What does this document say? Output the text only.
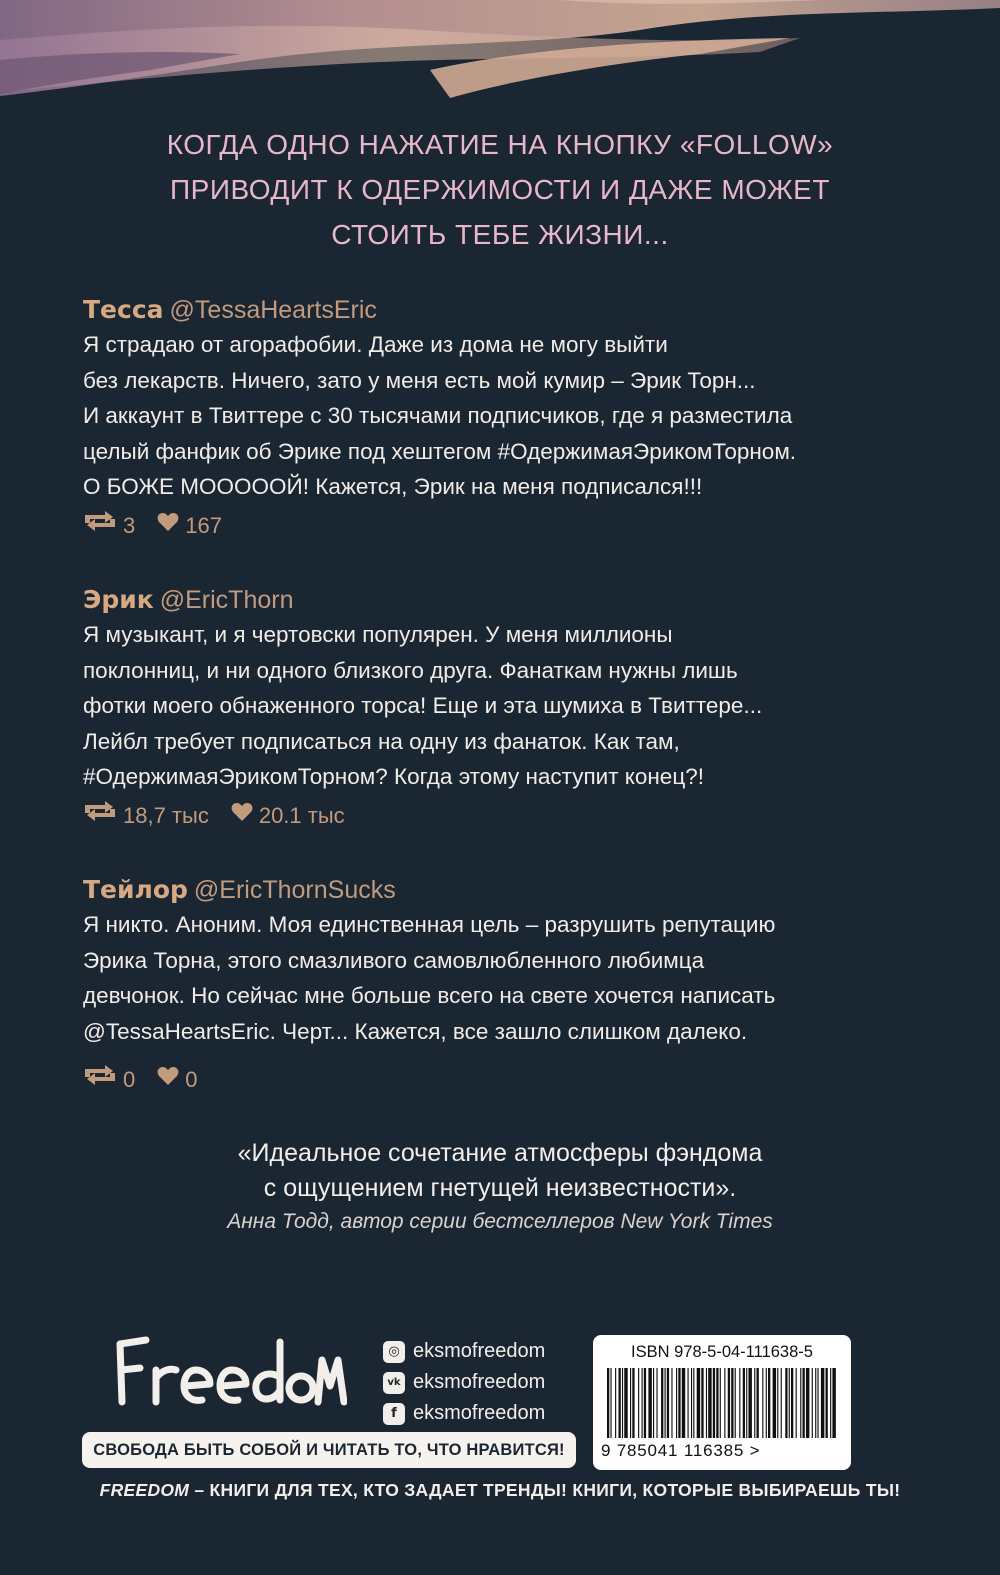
КОГДА ОДНО НАЖАТИЕ НА КНОПКУ «FOLLOW»
ПРИВОДИТ К ОДЕРЖИМОСТИ И ДАЖЕ МОЖЕТ
СТОИТЬ ТЕБЕ ЖИЗНИ...
Тесса @TessaHeartsEric
Я страдаю от агорафобии. Даже из дома не могу выйти
без лекарств. Ничего, зато у меня есть мой кумир – Эрик Торн...
И аккаунт в Твиттере с 30 тысячами подписчиков, где я разместила
целый фанфик об Эрике под хештегом #ОдержимаяЭрикомТорном.
О БОЖЕ МОООООЙ! Кажется, Эрик на меня подписался!!!
3 167
Эрик @EricThorn
Я музыкант, и я чертовски популярен. У меня миллионы
поклонниц, и ни одного близкого друга. Фанаткам нужны лишь
фотки моего обнаженного торса! Еще и эта шумиха в Твиттере...
Лейбл требует подписаться на одну из фанаток. Как там,
#ОдержимаяЭрикомТорном? Когда этому наступит конец?!
18,7 тыс 20.1 тыс
Тейлор @EricThornSucks
Я никто. Аноним. Моя единственная цель – разрушить репутацию
Эрика Торна, этого смазливого самовлюбленного любимца
девчонок. Но сейчас мне больше всего на свете хочется написать
@TessaHeartsEric. Черт... Кажется, все зашло слишком далеко.
0 0
«Идеальное сочетание атмосферы фэндома
с ощущением гнетущей неизвестности».
Анна Тодд, автор серии бестселлеров New York Times
◎ eksmofreedom
vk eksmofreedom
f eksmofreedom
СВОБОДА БЫТЬ СОБОЙ И ЧИТАТЬ ТО, ЧТО НРАВИТСЯ!
ISBN 978-5-04-111638-5
9 785041 116385 >
FREEDOM – КНИГИ ДЛЯ ТЕХ, КТО ЗАДАЕТ ТРЕНДЫ! КНИГИ, КОТОРЫЕ ВЫБИРАЕШЬ ТЫ!
